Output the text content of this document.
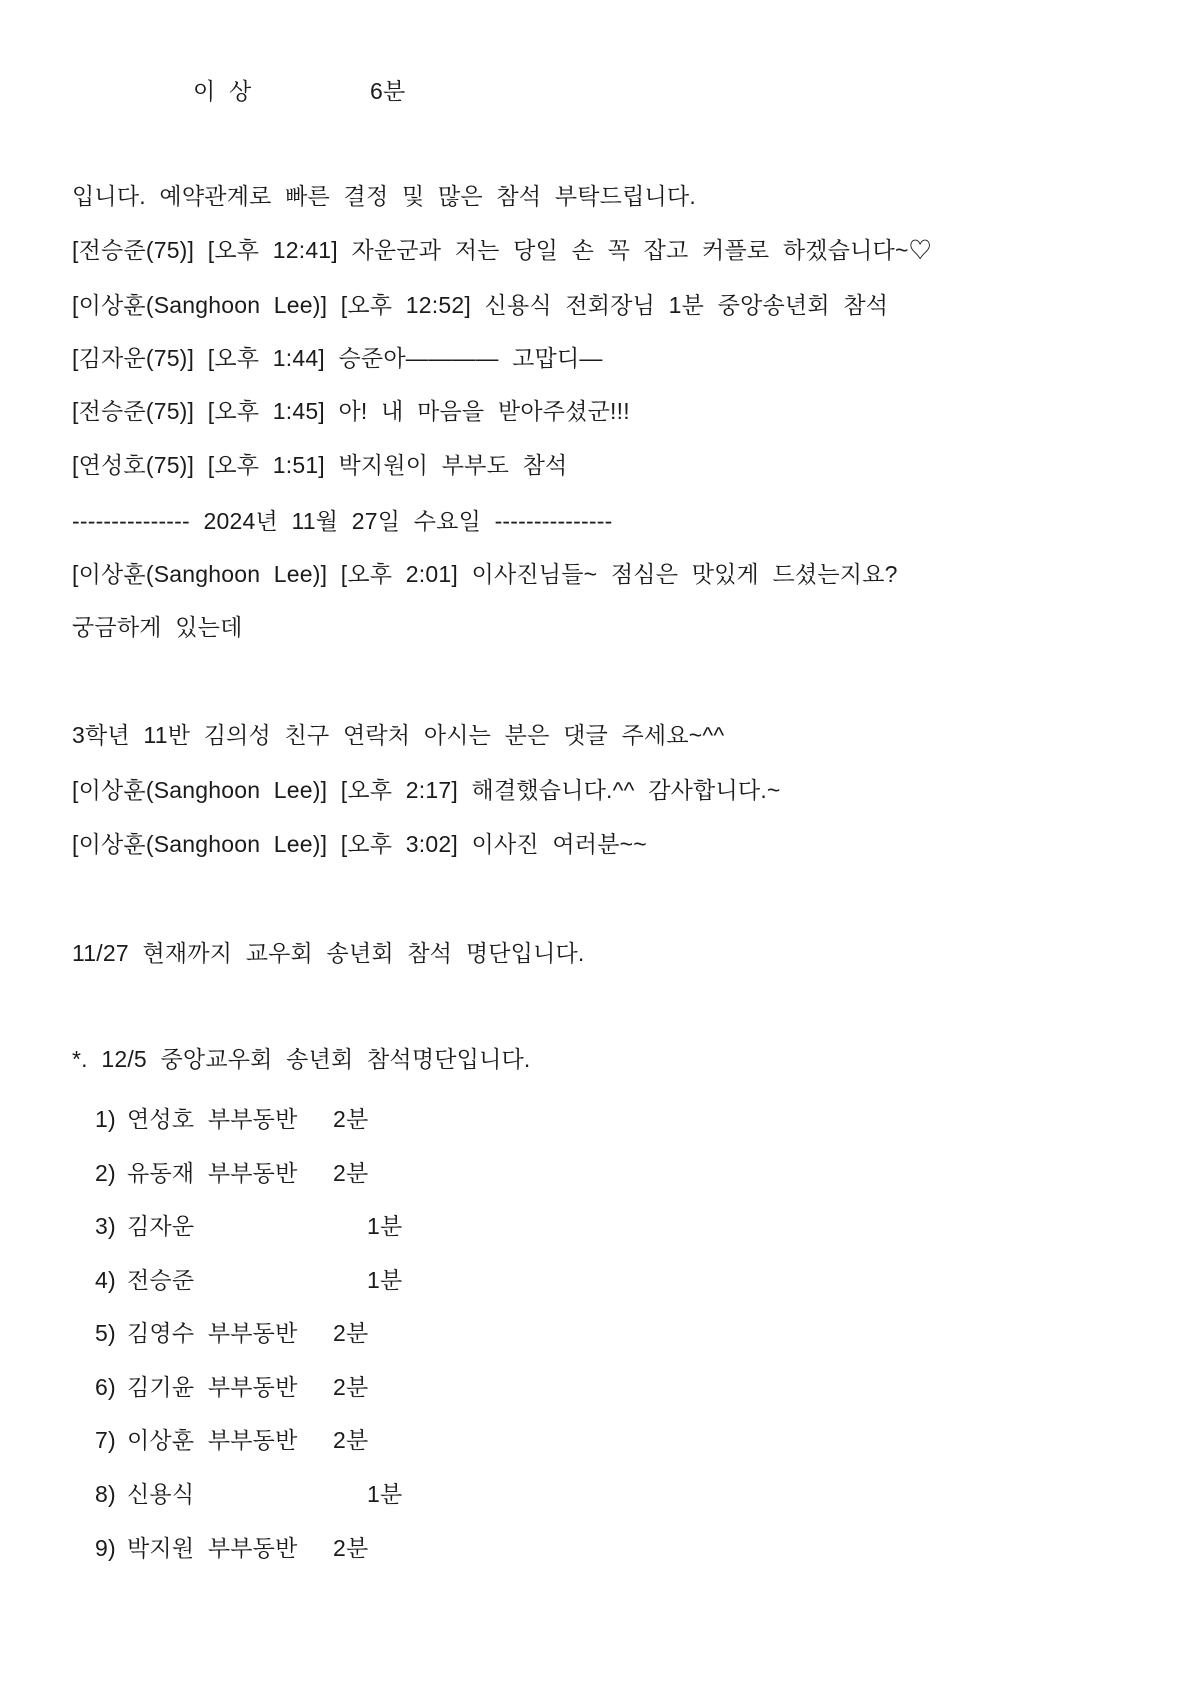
이 상	6분
입니다. 예약관계로 빠른 결정 및 많은 참석 부탁드립니다.
[전승준(75)] [오후 12:41] 자운군과 저는 당일 손 꼭 잡고 커플로 하겠습니다~♡
[이상훈(Sanghoon Lee)] [오후 12:52] 신용식 전회장님 1분 중앙송년회 참석
[김자운(75)] [오후 1:44] 승준아———— 고맙디—
[전승준(75)] [오후 1:45] 아! 내 마음을 받아주셨군!!!
[연성호(75)] [오후 1:51] 박지원이 부부도 참석
--------------- 2024년 11월 27일 수요일 ---------------
[이상훈(Sanghoon Lee)] [오후 2:01] 이사진님들~ 점심은 맛있게 드셨는지요?
궁금하게 있는데
3학년 11반 김의성 친구 연락처 아시는 분은 댓글 주세요~^^
[이상훈(Sanghoon Lee)] [오후 2:17] 해결했습니다.^^ 감사합니다.~
[이상훈(Sanghoon Lee)] [오후 3:02] 이사진 여러분~~
11/27 현재까지 교우회 송년회 참석 명단입니다.
*. 12/5 중앙교우회 송년회 참석명단입니다.
1) 연성호 부부동반 2분
2) 유동재 부부동반 2분
3) 김자운	1분
4) 전승준	1분
5) 김영수 부부동반 2분
6) 김기윤 부부동반 2분
7) 이상훈 부부동반 2분
8) 신용식	1분
9) 박지원 부부동반 2분
